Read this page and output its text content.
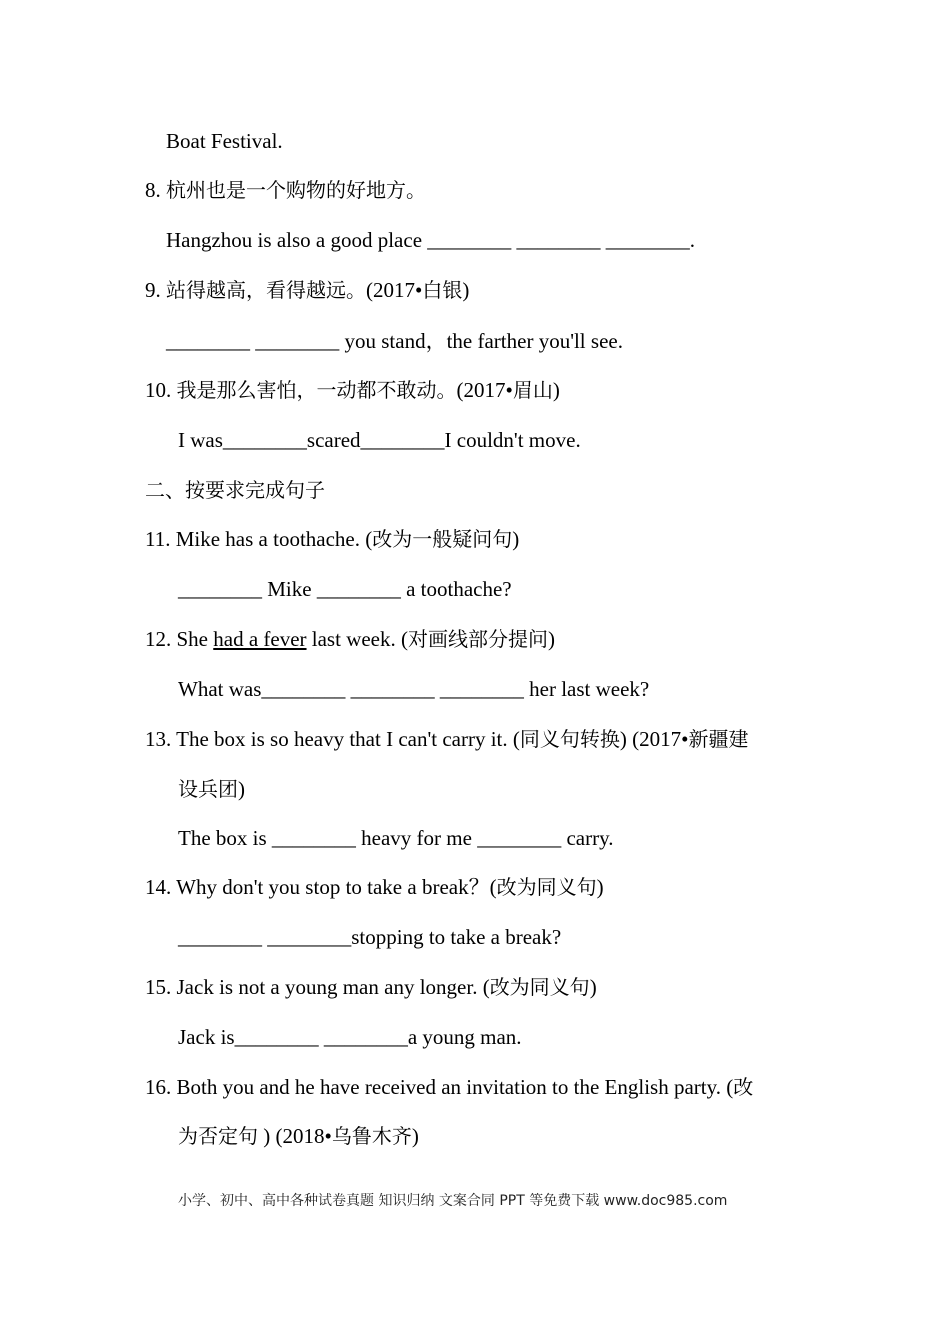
Boat Festival.
8. 杭州也是一个购物的好地方。
Hangzhou is also a good place ________ ________ ________.
9. 站得越高，看得越远。(2017•白银)
________ ________ you stand，the farther you'll see.
10. 我是那么害怕，一动都不敢动。(2017•眉山)
I was________scared________I couldn't move.
二、按要求完成句子
11. Mike has a toothache. (改为一般疑问句)
________ Mike ________ a toothache?
12. She had a fever last week. (对画线部分提问)
What was________ ________ ________ her last week?
13. The box is so heavy that I can't carry it. (同义句转换) (2017•新疆建
设兵团)
The box is ________ heavy for me ________ carry.
14. Why don't you stop to take a break？(改为同义句)
________ ________stopping to take a break?
15. Jack is not a young man any longer. (改为同义句)
Jack is________ ________a young man.
16. Both you and he have received an invitation to the English party. (改
为否定句 ) (2018•乌鲁木齐)
小学、初中、高中各种试卷真题 知识归纳 文案合同 PPT 等免费下载 www.doc985.com
